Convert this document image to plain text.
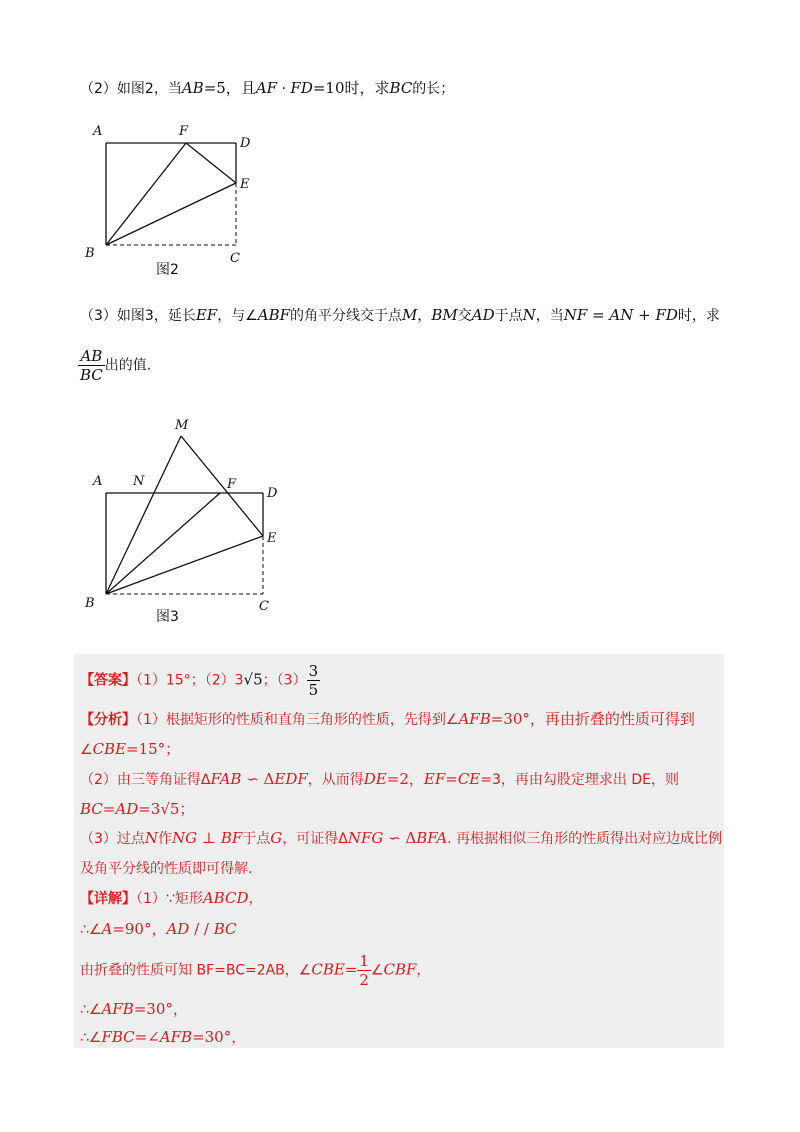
（2）如图2，当AB=5，且AF · FD=10时，求BC的长；
A	F
D
E
B	C
图2
（3）如图3，延长EF，与∠ABF的角平分线交于点M，BM交AD于点N，当NF = AN + FD时，求
$\frac{AB}{BC}$ 出的值.
M
A N	F
D
E
B	C
图3
【答案】（1）15°；（2）3√5；$(3) \frac{3}{5}$
【分析】（1）根据矩形的性质和直角三角形的性质，先得到∠AFB=30°，再由折叠的性质可得到
∠CBE=15°；
（2）由三等角证得ΔFAB ∽ ΔEDF，从而得DE=2，EF=CE=3，再由勾股定理求出 DE，则
BC=AD=3√5；
（3）过点N作NG ⊥ BF于点G，可证得ΔNFG ∽ ΔBFA. 再根据相似三角形的性质得出对应边成比例
及角平分线的性质即可得解.
【详解】（1）∵矩形ABCD，
∴∠A=90°，AD / / BC
由折叠的性质可知 BF=BC=2AB，∠CBE= $\frac{1}{2}$ ∠CBF，
∴∠AFB=30°，
∴∠FBC=∠AFB=30°，
